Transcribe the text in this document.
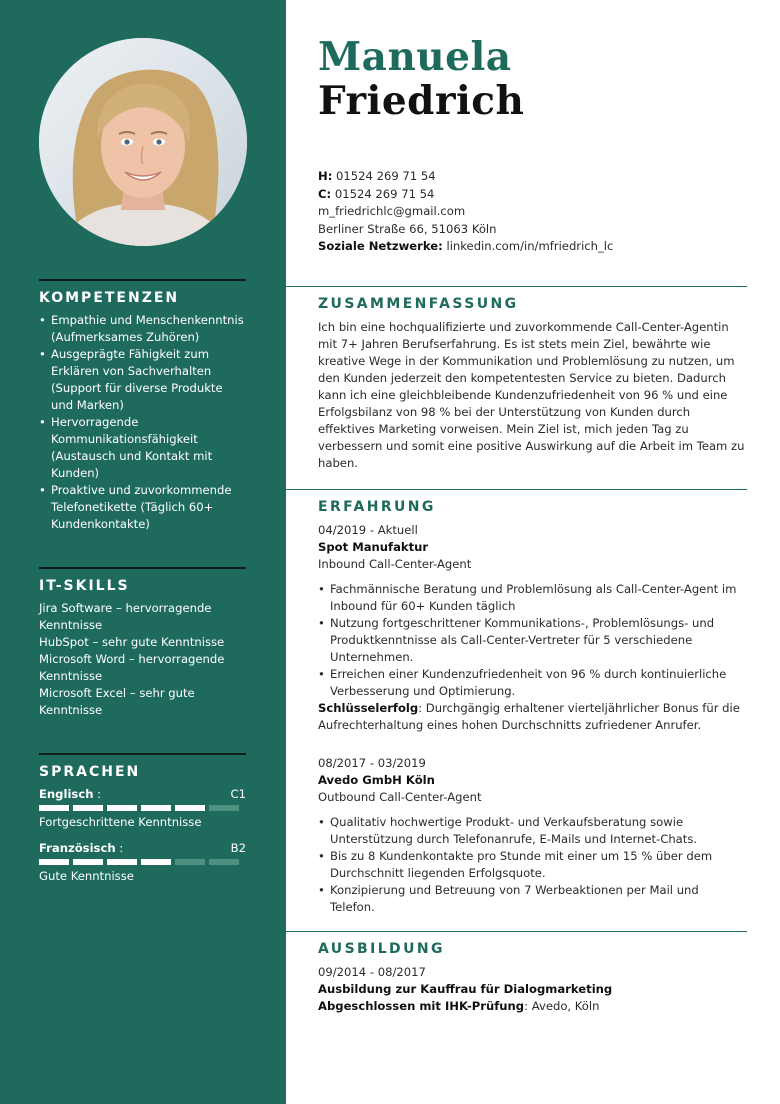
KOMPETENZEN
• Empathie und Menschenkenntnis (Aufmerksames Zuhören)
• Ausgeprägte Fähigkeit zum Erklären von Sachverhalten (Support für diverse Produkte und Marken)
• Hervorragende Kommunikationsfähigkeit (Austausch und Kontakt mit Kunden)
• Proaktive und zuvorkommende Telefonetikette (Täglich 60+ Kundenkontakte)
IT-SKILLS
Jira Software – hervorragende Kenntnisse
HubSpot – sehr gute Kenntnisse
Microsoft Word – hervorragende Kenntnisse
Microsoft Excel – sehr gute Kenntnisse
SPRACHEN
Englisch :	C1
Fortgeschrittene Kenntnisse
Französisch :	B2
Gute Kenntnisse
Manuela
Friedrich
H: 01524 269 71 54
C: 01524 269 71 54
m_friedrichlc@gmail.com
Berliner Straße 66, 51063 Köln
Soziale Netzwerke: linkedin.com/in/mfriedrich_lc
ZUSAMMENFASSUNG

Ich bin eine hochqualifizierte und zuvorkommende Call-Center-Agentin mit 7+ Jahren Berufserfahrung. Es ist stets mein Ziel, bewährte wie kreative Wege in der Kommunikation und Problemlösung zu nutzen, um den Kunden jederzeit den kompetentesten Service zu bieten. Dadurch kann ich eine gleichbleibende Kundenzufriedenheit von 96 % und eine Erfolgsbilanz von 98 % bei der Unterstützung von Kunden durch effektives Marketing vorweisen. Mein Ziel ist, mich jeden Tag zu verbessern und somit eine positive Auswirkung auf die Arbeit im Team zu haben.

ERFAHRUNG
04/2019 - Aktuell
Spot Manufaktur
Inbound Call-Center-Agent
• Fachmännische Beratung und Problemlösung als Call-Center-Agent im Inbound für 60+ Kunden täglich
• Nutzung fortgeschrittener Kommunikations-, Problemlösungs- und Produktkenntnisse als Call-Center-Vertreter für 5 verschiedene Unternehmen.
• Erreichen einer Kundenzufriedenheit von 96 % durch kontinuierliche Verbesserung und Optimierung.
Schlüsselerfolg: Durchgängig erhaltener vierteljährlicher Bonus für die Aufrechterhaltung eines hohen Durchschnitts zufriedener Anrufer.
08/2017 - 03/2019
Avedo GmbH Köln
Outbound Call-Center-Agent
• Qualitativ hochwertige Produkt- und Verkaufsberatung sowie Unterstützung durch Telefonanrufe, E-Mails und Internet-Chats.
• Bis zu 8 Kundenkontakte pro Stunde mit einer um 15 % über dem Durchschnitt liegenden Erfolgsquote.
• Konzipierung und Betreuung von 7 Werbeaktionen per Mail und Telefon.
AUSBILDUNG
09/2014 - 08/2017
Ausbildung zur Kauffrau für Dialogmarketing
Abgeschlossen mit IHK-Prüfung: Avedo, Köln
